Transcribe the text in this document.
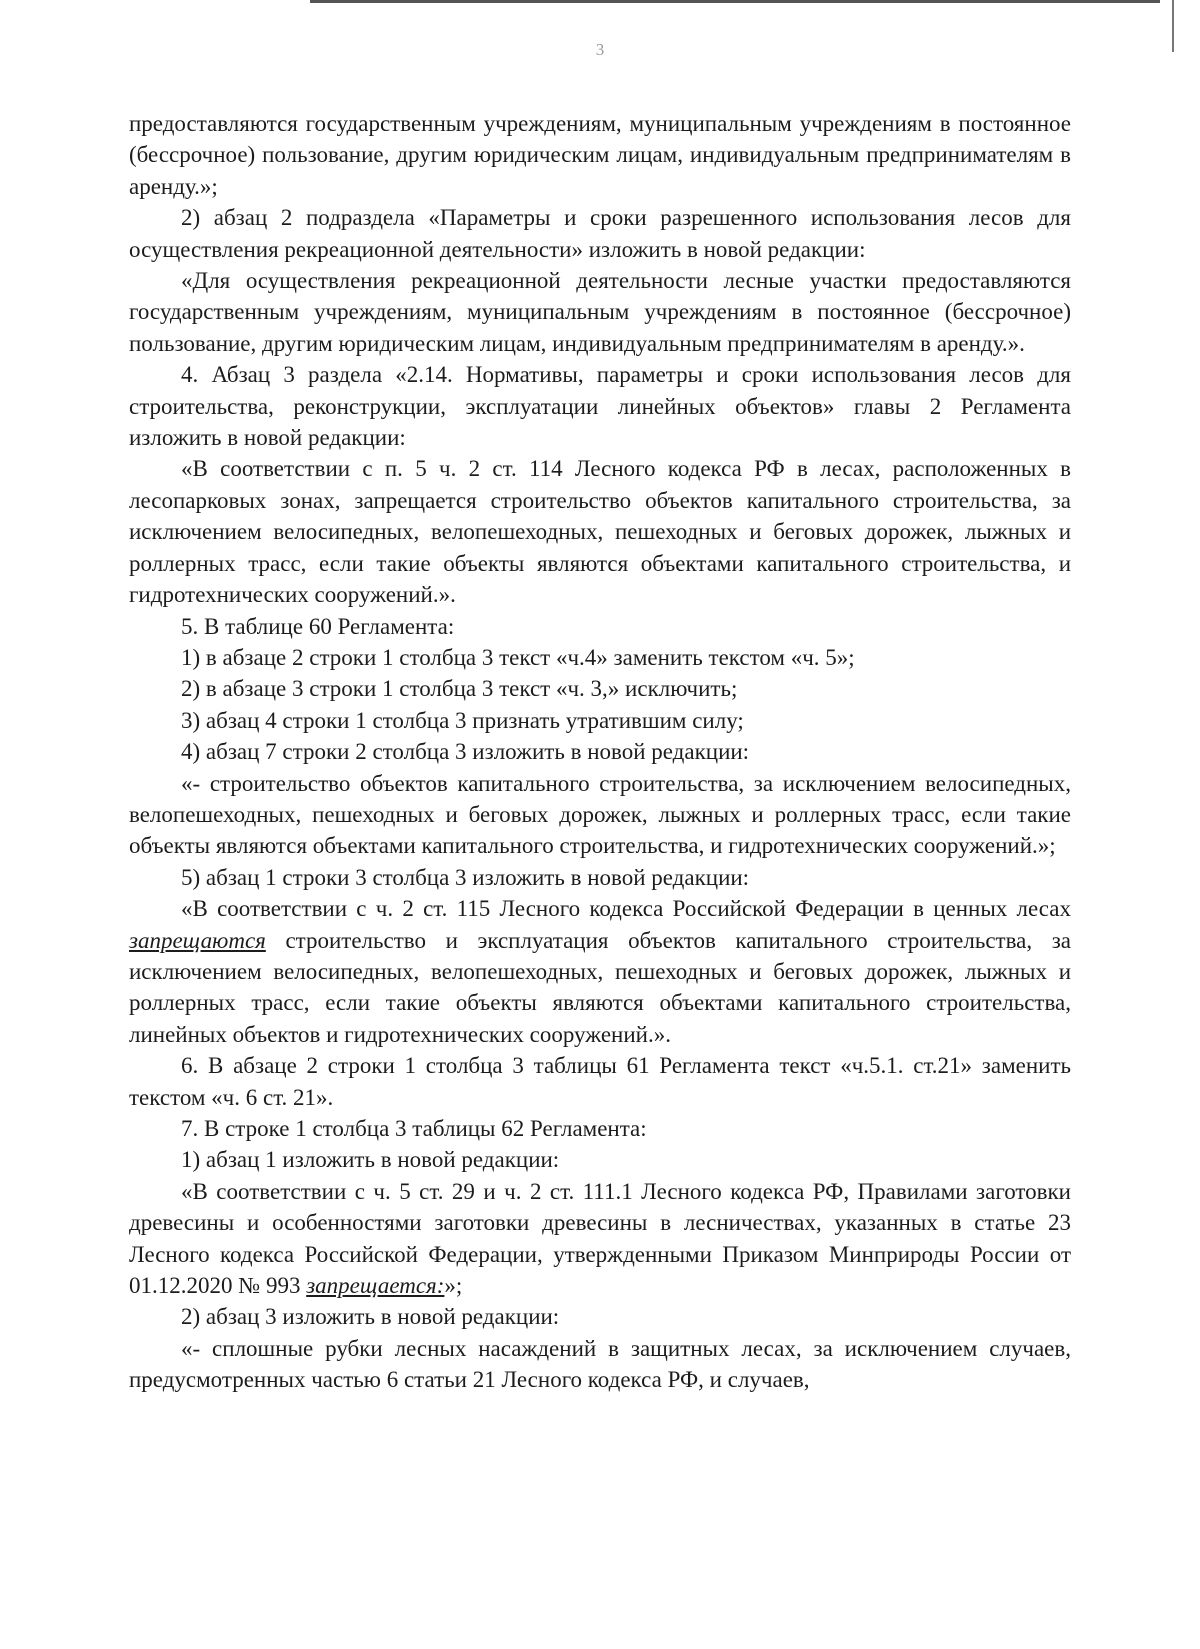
3

предоставляются государственным учреждениям, муниципальным учреждениям в постоянное (бессрочное) пользование, другим юридическим лицам, индивидуальным предпринимателям в аренду.»;

2) абзац 2 подраздела «Параметры и сроки разрешенного использования лесов для осуществления рекреационной деятельности» изложить в новой редакции:

«Для осуществления рекреационной деятельности лесные участки предоставляются государственным учреждениям, муниципальным учреждениям в постоянное (бессрочное) пользование, другим юридическим лицам, индивидуальным предпринимателям в аренду.».

4. Абзац 3 раздела «2.14. Нормативы, параметры и сроки использования лесов для строительства, реконструкции, эксплуатации линейных объектов» главы 2 Регламента изложить в новой редакции:

«В соответствии с п. 5 ч. 2 ст. 114 Лесного кодекса РФ в лесах, расположенных в лесопарковых зонах, запрещается строительство объектов капитального строительства, за исключением велосипедных, велопешеходных, пешеходных и беговых дорожек, лыжных и роллерных трасс, если такие объекты являются объектами капитального строительства, и гидротехнических сооружений.».

5. В таблице 60 Регламента:

1) в абзаце 2 строки 1 столбца 3 текст «ч.4» заменить текстом «ч. 5»;

2) в абзаце 3 строки 1 столбца 3 текст «ч. 3,» исключить;

3) абзац 4 строки 1 столбца 3 признать утратившим силу;

4) абзац 7 строки 2 столбца 3 изложить в новой редакции:

«- строительство объектов капитального строительства, за исключением велосипедных, велопешеходных, пешеходных и беговых дорожек, лыжных и роллерных трасс, если такие объекты являются объектами капитального строительства, и гидротехнических сооружений.»;

5) абзац 1 строки 3 столбца 3 изложить в новой редакции:

«В соответствии с ч. 2 ст. 115 Лесного кодекса Российской Федерации в ценных лесах запрещаются строительство и эксплуатация объектов капитального строительства, за исключением велосипедных, велопешеходных, пешеходных и беговых дорожек, лыжных и роллерных трасс, если такие объекты являются объектами капитального строительства, линейных объектов и гидротехнических сооружений.».

6. В абзаце 2 строки 1 столбца 3 таблицы 61 Регламента текст «ч.5.1. ст.21» заменить текстом «ч. 6 ст. 21».

7. В строке 1 столбца 3 таблицы 62 Регламента:

1) абзац 1 изложить в новой редакции:

«В соответствии с ч. 5 ст. 29 и ч. 2 ст. 111.1 Лесного кодекса РФ, Правилами заготовки древесины и особенностями заготовки древесины в лесничествах, указанных в статье 23 Лесного кодекса Российской Федерации, утвержденными Приказом Минприроды России от 01.12.2020 № 993 запрещается:»;

2) абзац 3 изложить в новой редакции:

«- сплошные рубки лесных насаждений в защитных лесах, за исключением случаев, предусмотренных частью 6 статьи 21 Лесного кодекса РФ, и случаев,
